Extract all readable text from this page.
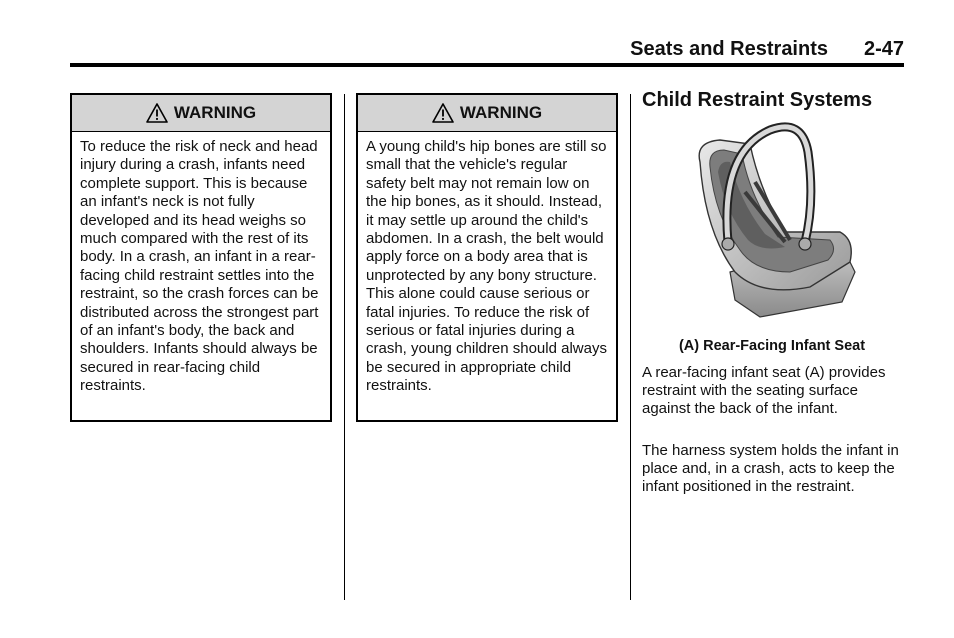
Seats and Restraints 2-47
WARNING
To reduce the risk of neck and head injury during a crash, infants need complete support. This is because an infant's neck is not fully developed and its head weighs so much compared with the rest of its body. In a crash, an infant in a rear-facing child restraint settles into the restraint, so the crash forces can be distributed across the strongest part of an infant's body, the back and shoulders. Infants should always be secured in rear-facing child restraints.
WARNING
A young child's hip bones are still so small that the vehicle's regular safety belt may not remain low on the hip bones, as it should. Instead, it may settle up around the child's abdomen. In a crash, the belt would apply force on a body area that is unprotected by any bony structure. This alone could cause serious or fatal injuries. To reduce the risk of serious or fatal injuries during a crash, young children should always be secured in appropriate child restraints.
Child Restraint Systems
(A) Rear-Facing Infant Seat
A rear-facing infant seat (A) provides restraint with the seating surface against the back of the infant.
The harness system holds the infant in place and, in a crash, acts to keep the infant positioned in the restraint.
